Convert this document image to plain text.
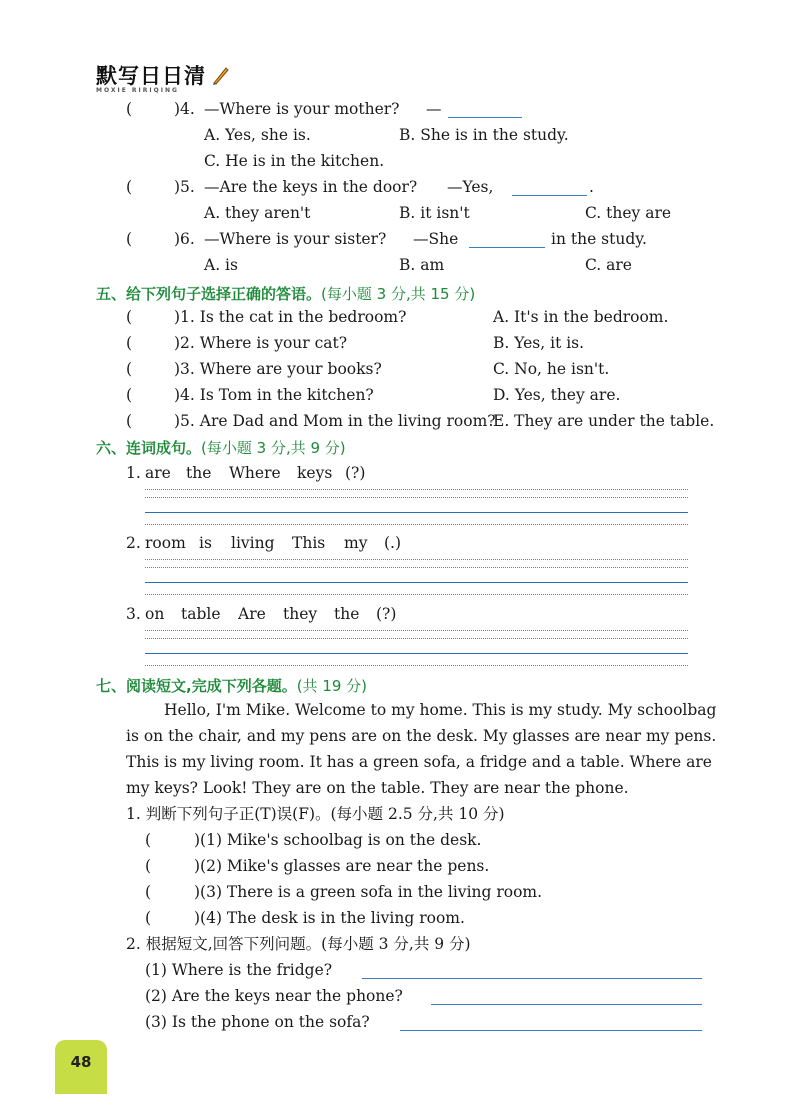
默写日日清
MOXIE RIRIQING
(	)4. —Where is your mother? —
A. Yes, she is.	B. She is in the study.
C. He is in the kitchen.
(	)5. —Are the keys in the door? —Yes,	.
A. they aren't	B. it isn't	C. they are
(	)6. —Where is your sister? —She	in the study.
A. is	B. am	C. are
五、给下列句子选择正确的答语。(每小题 3 分,共 15 分)
(	)1. Is the cat in the bedroom?	A. It's in the bedroom.
(	)2. Where is your cat?	B. Yes, it is.
(	)3. Where are your books?	C. No, he isn't.
(	)4. Is Tom in the kitchen?	D. Yes, they are.
(	)5. Are Dad and Mom in the living room?
E. They are under the table.
六、连词成句。(每小题 3 分,共 9 分)
1. are the Where keys (?)
2. room is living This my (.)
3. on table Are they the (?)
七、阅读短文,完成下列各题。(共 19 分)
Hello, I'm Mike. Welcome to my home. This is my study. My schoolbag
is on the chair, and my pens are on the desk. My glasses are near my pens.
This is my living room. It has a green sofa, a fridge and a table. Where are
my keys? Look! They are on the table. They are near the phone.
1. 判断下列句子正(T)误(F)。(每小题 2.5 分,共 10 分)
(	)(1) Mike's schoolbag is on the desk.
(	)(2) Mike's glasses are near the pens.
(	)(3) There is a green sofa in the living room.
(	)(4) The desk is in the living room.
2. 根据短文,回答下列问题。(每小题 3 分,共 9 分)
(1) Where is the fridge?
(2) Are the keys near the phone?
(3) Is the phone on the sofa?
48
